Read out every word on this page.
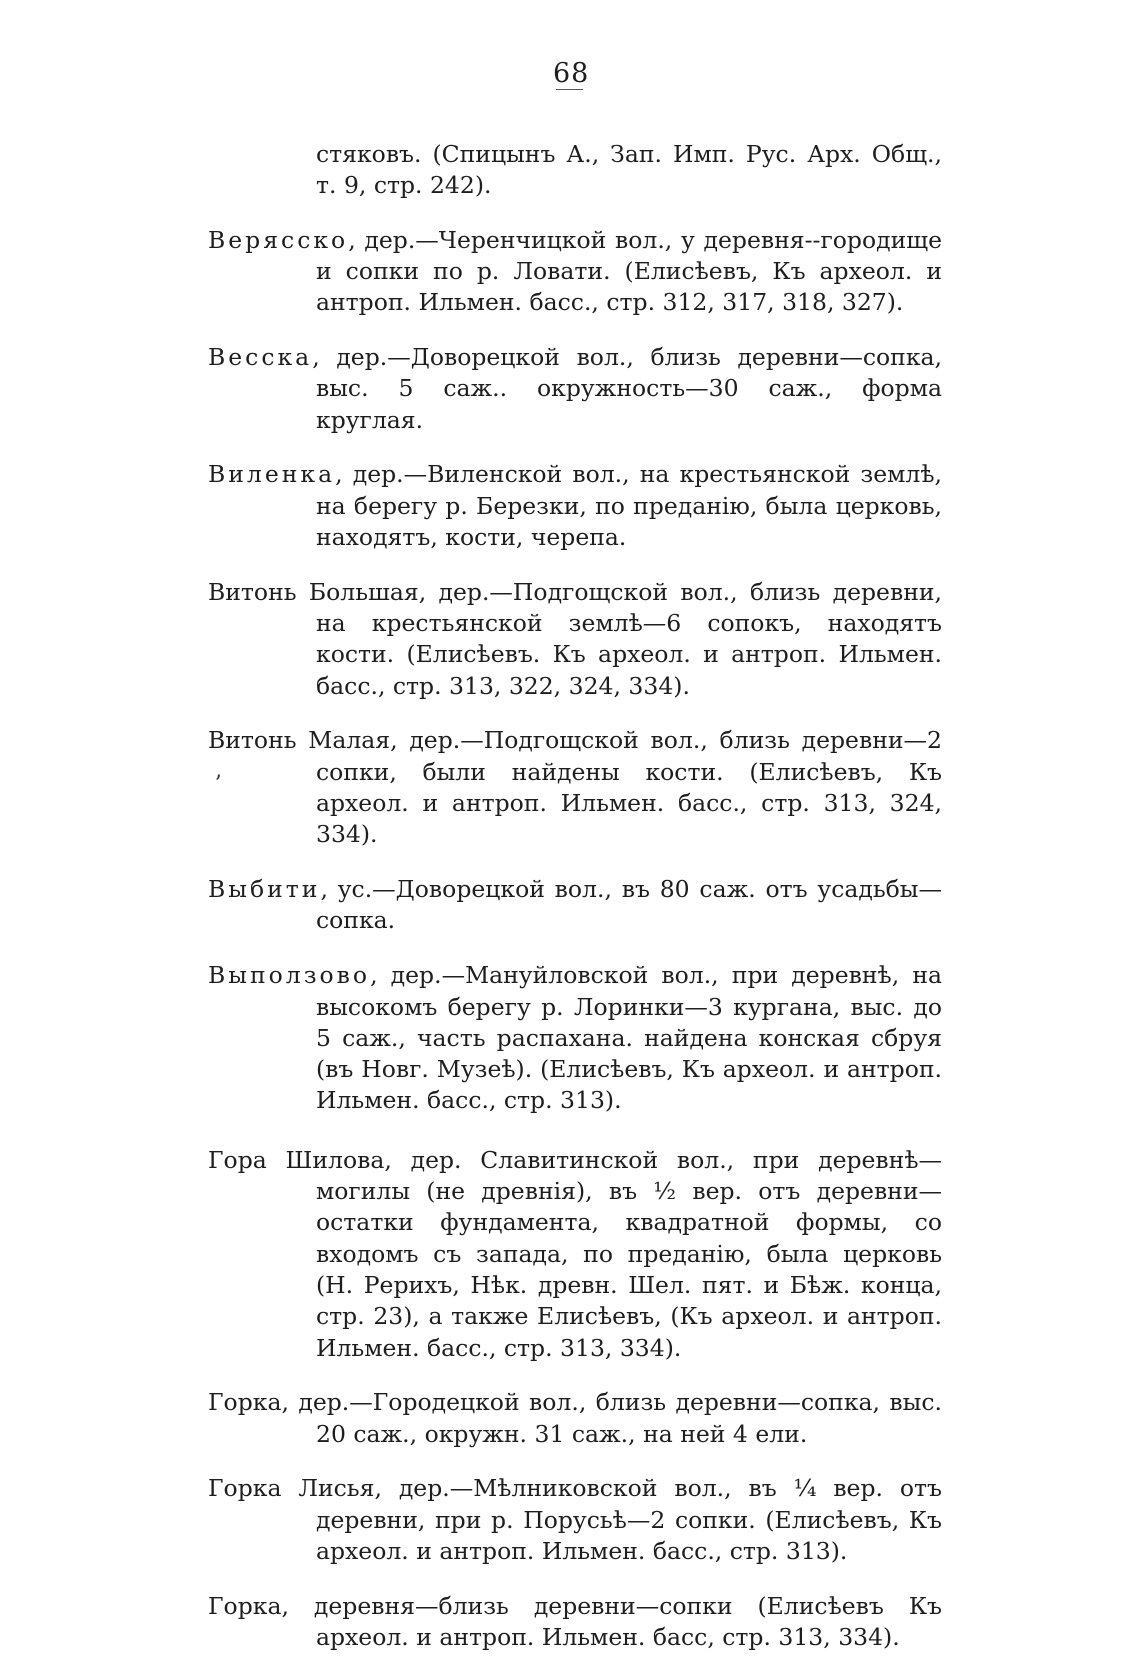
68

стяковъ. (Спицынъ А., Зап. Имп. Рус. Арх. Общ., т. 9, стр. 242).

Верясско, дер.—Черенчицкой вол., у деревня--городище и сопки по р. Ловати. (Елисѣевъ, Къ археол. и антроп. Ильмен. басс., стр. 312, 317, 318, 327).

Весска, дер.—Доворецкой вол., близь деревни—сопка, выс. 5 саж.. окружность—30 саж., форма круглая.

Виленка, дер.—Виленской вол., на крестьянской землѣ, на берегу р. Березки, по преданію, была церковь, находятъ, кости, черепа.

Витонь Большая, дер.—Подгощской вол., близь деревни, на крестьянской землѣ—6 сопокъ, находятъ кости. (Елисѣевъ. Къ археол. и антроп. Ильмен. басс., стр. 313, 322, 324, 334).

Витонь Малая, дер.—Подгощской вол., близь деревни—2 сопки, были найдены кости. (Елисѣевъ, Къ археол. и антроп. Ильмен. басс., стр. 313, 324, 334).

Выбити, ус.—Доворецкой вол., въ 80 саж. отъ усадьбы—сопка.

Выползово, дер.—Мануйловской вол., при деревнѣ, на высокомъ берегу р. Лоринки—3 кургана, выс. до 5 саж., часть распахана. найдена конская сбруя (въ Новг. Музеѣ). (Елисѣевъ, Къ археол. и антроп. Ильмен. басс., стр. 313).

Гора Шилова, дер. Славитинской вол., при деревнѣ—могилы (не древнія), въ ½ вер. отъ деревни—остатки фундамента, квадратной формы, со входомъ съ запада, по преданію, была церковь (Н. Рерихъ, Нѣк. древн. Шел. пят. и Бѣж. конца, стр. 23), а также Елисѣевъ, (Къ археол. и антроп. Ильмен. басс., стр. 313, 334).

Горка, дер.—Городецкой вол., близь деревни—сопка, выс. 20 саж., окружн. 31 саж., на ней 4 ели.

Горка Лисья, дер.—Мѣлниковской вол., въ ¼ вер. отъ деревни, при р. Порусьѣ—2 сопки. (Елисѣевъ, Къ археол. и антроп. Ильмен. басс., стр. 313).

Горка, деревня—близь деревни—сопки (Елисѣевъ Къ археол. и антроп. Ильмен. басс, стр. 313, 334).

ʼ
